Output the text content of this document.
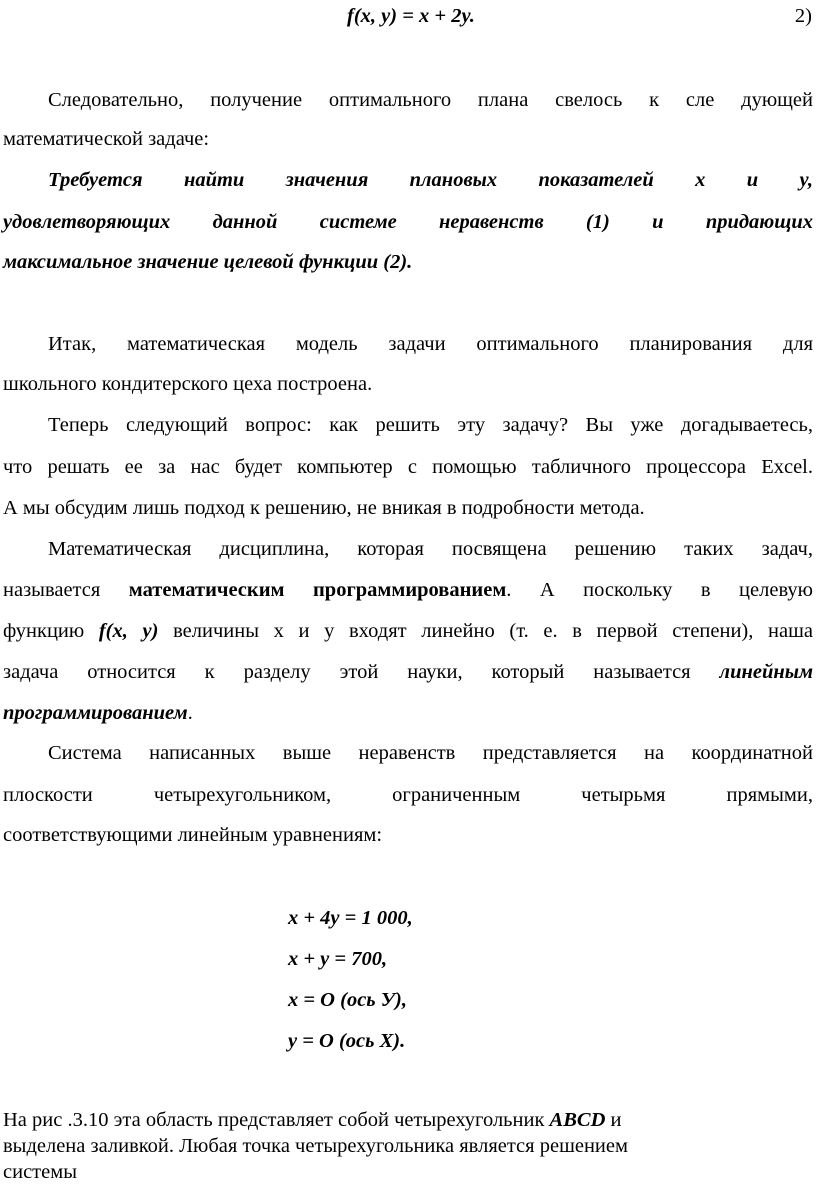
f(x, y) = x + 2y.	2)
Следовательно, получение оптимального плана свелось к сле дующей
математической задаче:
Требуется найти значения плановых показателей x и y,
удовлетворяющих данной системе неравенств (1) и придающих
максимальное значение целевой функции (2).
Итак, математическая модель задачи оптимального планирования для
школьного кондитерского цеха построена.
Теперь следующий вопрос: как решить эту задачу? Вы уже догадываетесь,
что решать ее за нас будет компьютер с помощью табличного процессора Excel.
А мы обсудим лишь подход к решению, не вникая в подробности метода.
Математическая дисциплина, которая посвящена решению таких задач,
называется математическим программированием. А поскольку в целевую
функцию f(x, y) величины x и y входят линейно (т. е. в первой степени), наша
задача относится к разделу этой науки, который называется линейным
программированием.
Система написанных выше неравенств представляется на координатной
плоскости четырехугольником, ограниченным четырьмя прямыми,
соответствующими линейным уравнениям:
x + 4y = 1 000,
x + y = 700,
x = О (ось У),
y = О (ось X).
На рис .3.10 эта область представляет собой четырехугольник ABCD и
выделена заливкой. Любая точка четырехугольника является решением
системы
